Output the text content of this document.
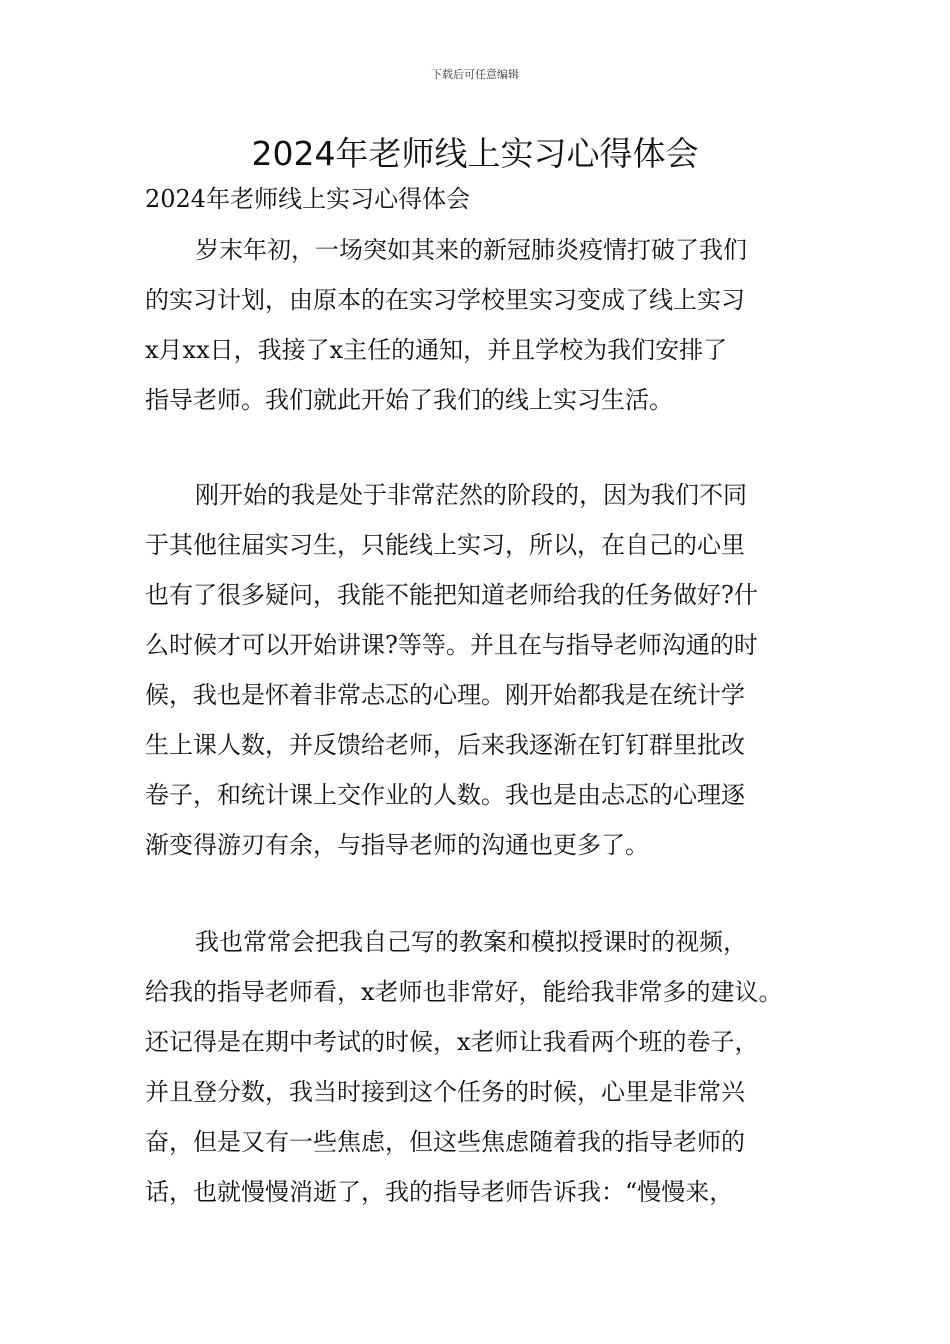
下载后可任意编辑
2024年老师线上实习心得体会
2024年老师线上实习心得体会
岁末年初，一场突如其来的新冠肺炎疫情打破了我们
的实习计划，由原本的在实习学校里实习变成了线上实习
x月xx日，我接了x主任的通知，并且学校为我们安排了
指导老师。我们就此开始了我们的线上实习生活。
刚开始的我是处于非常茫然的阶段的，因为我们不同
于其他往届实习生，只能线上实习，所以，在自己的心里
也有了很多疑问，我能不能把知道老师给我的任务做好?什
么时候才可以开始讲课?等等。并且在与指导老师沟通的时
候，我也是怀着非常忐忑的心理。刚开始都我是在统计学
生上课人数，并反馈给老师，后来我逐渐在钉钉群里批改
卷子，和统计课上交作业的人数。我也是由忐忑的心理逐
渐变得游刃有余，与指导老师的沟通也更多了。
我也常常会把我自己写的教案和模拟授课时的视频，
给我的指导老师看，x老师也非常好，能给我非常多的建议。
还记得是在期中考试的时候，x老师让我看两个班的卷子，
并且登分数，我当时接到这个任务的时候，心里是非常兴
奋，但是又有一些焦虑，但这些焦虑随着我的指导老师的
话，也就慢慢消逝了，我的指导老师告诉我：“慢慢来，
